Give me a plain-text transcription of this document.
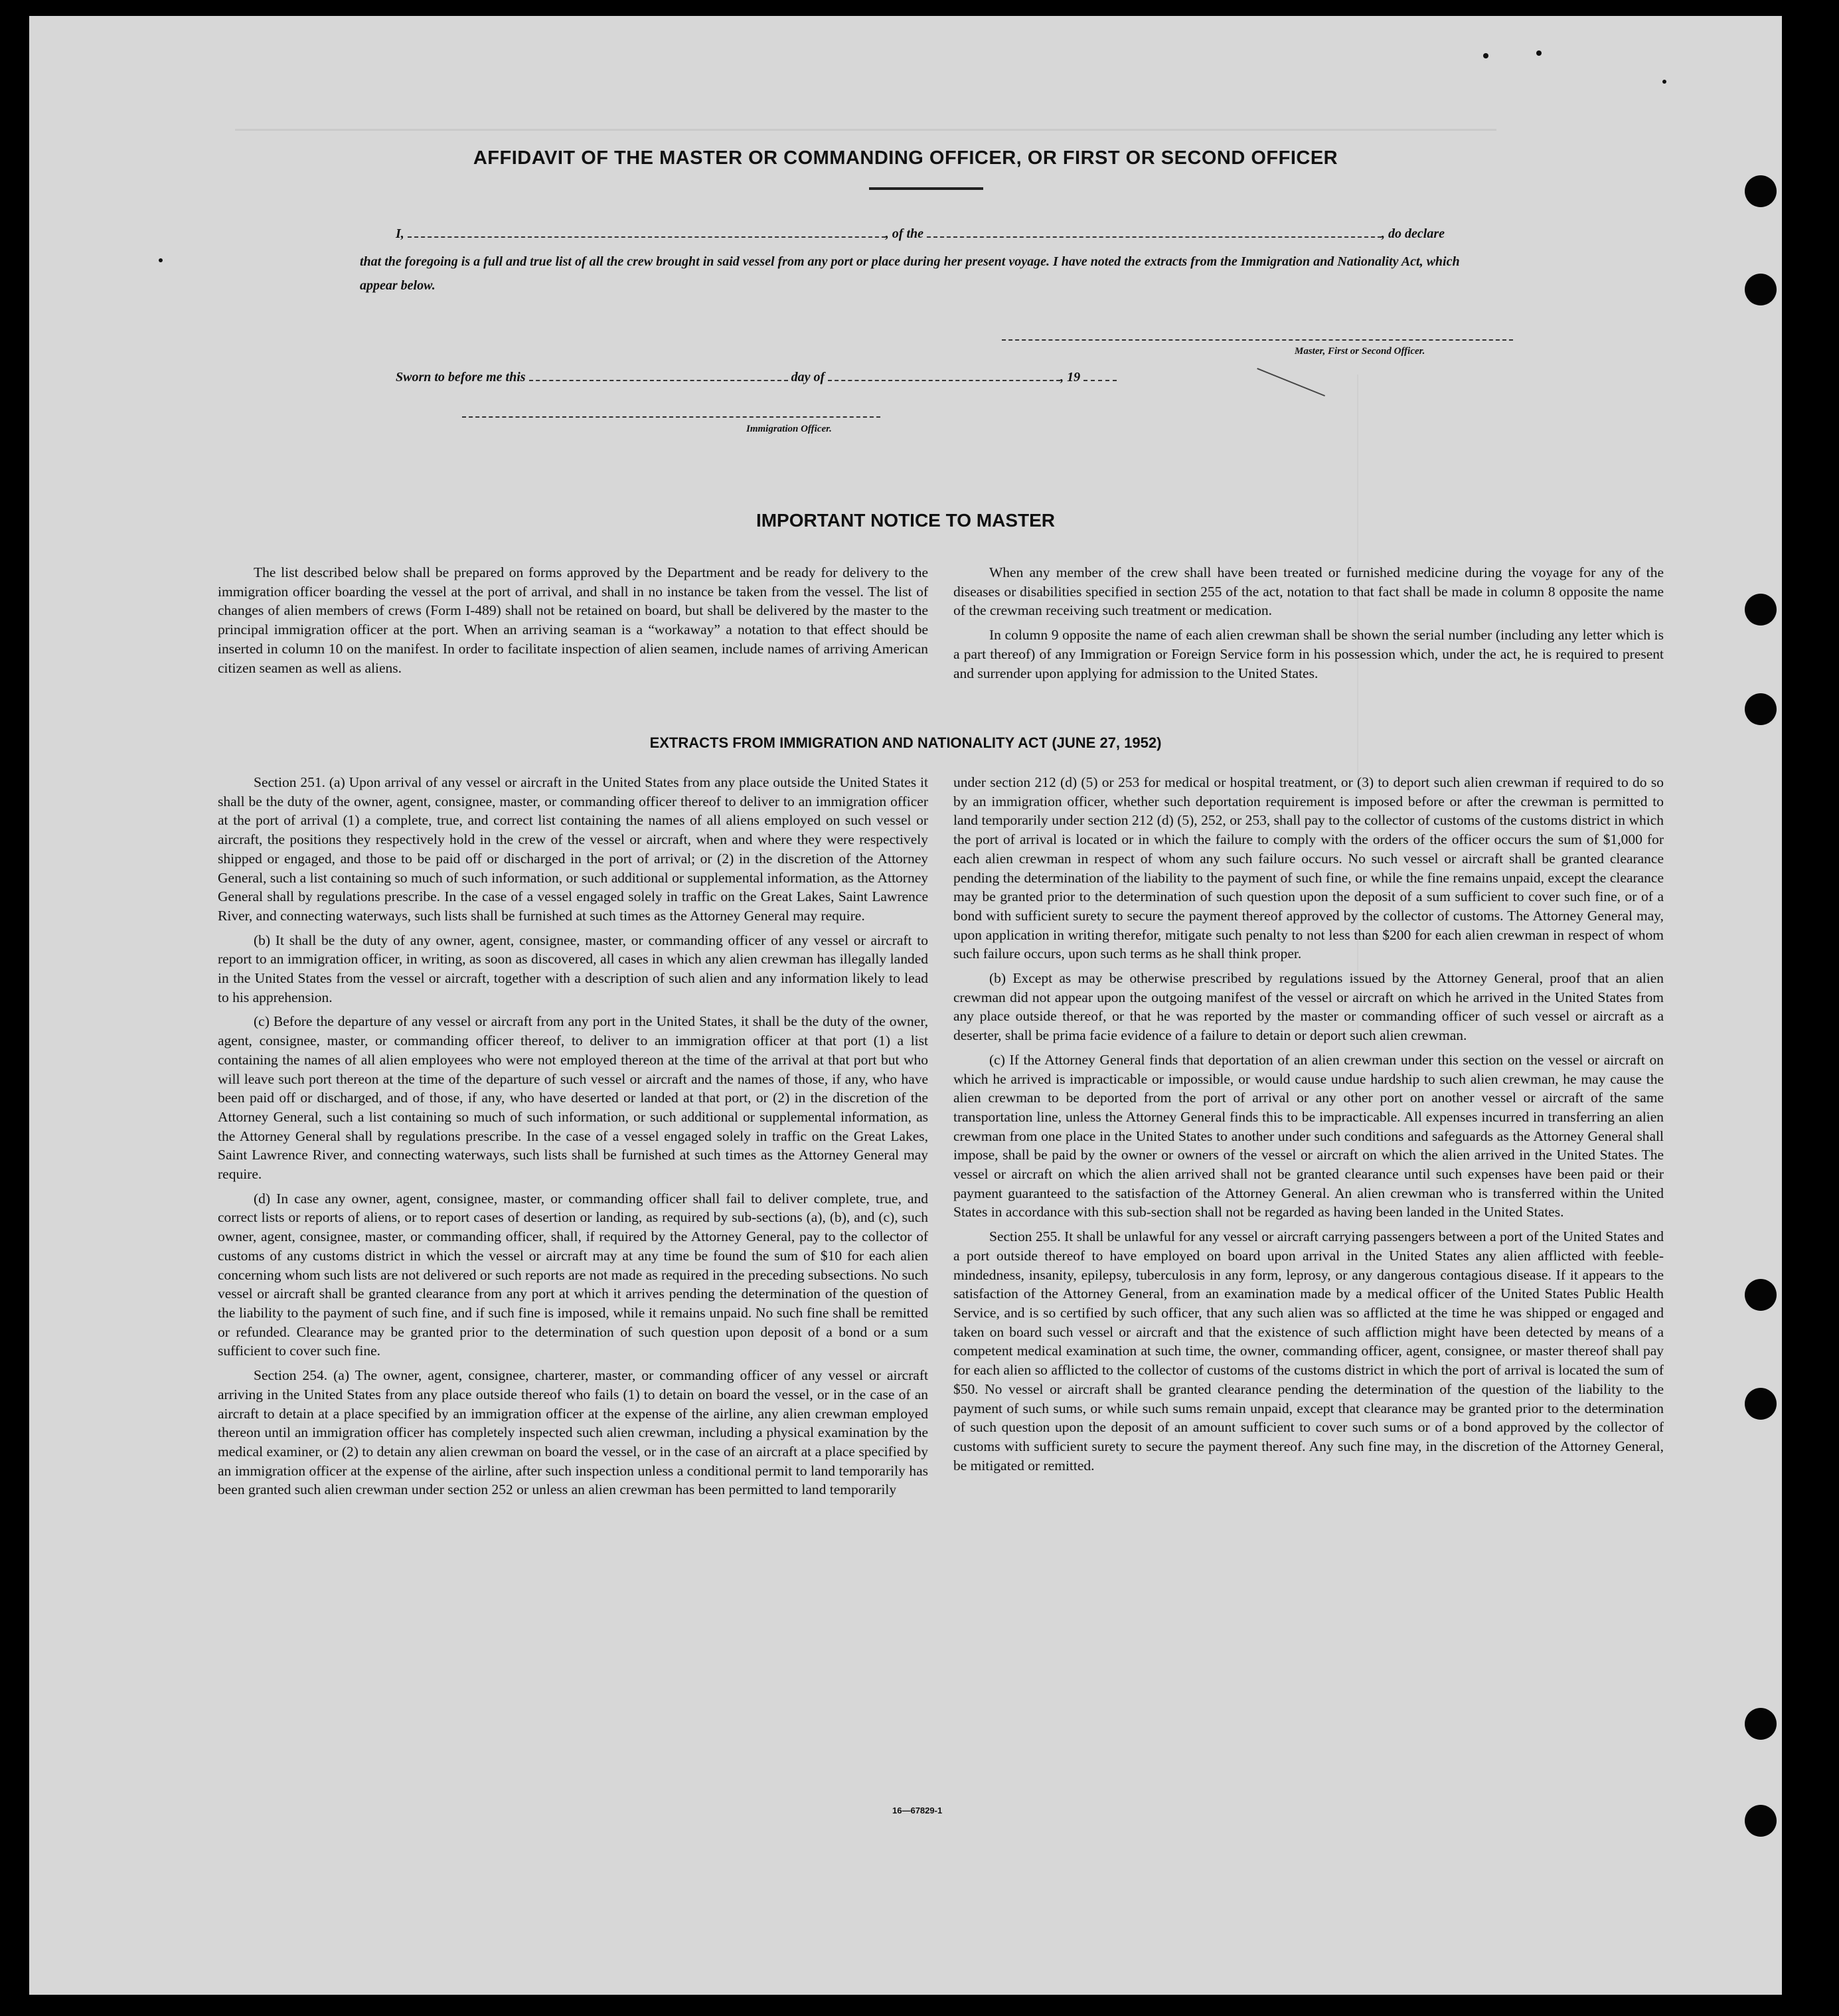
AFFIDAVIT OF THE MASTER OR COMMANDING OFFICER, OR FIRST OR SECOND OFFICER
I,	, of the	, do declare
that the foregoing is a full and true list of all the crew brought in said vessel from any port or place during her present voyage. I have noted the extracts from the Immigration and Nationality Act, which appear below.
Master, First or Second Officer.
Sworn to before me this	day of	, 19
Immigration Officer.
IMPORTANT NOTICE TO MASTER

The list described below shall be prepared on forms approved by the Department and be ready for delivery to the immigration officer boarding the vessel at the port of arrival, and shall in no instance be taken from the vessel. The list of changes of alien members of crews (Form I-489) shall not be retained on board, but shall be delivered by the master to the principal immigration officer at the port. When an arriving seaman is a “workaway” a notation to that effect should be inserted in column 10 on the manifest. In order to facilitate inspection of alien seamen, include names of arriving American citizen seamen as well as aliens.

When any member of the crew shall have been treated or furnished medicine during the voyage for any of the diseases or disabilities specified in section 255 of the act, notation to that fact shall be made in column 8 opposite the name of the crewman receiving such treatment or medication.

In column 9 opposite the name of each alien crewman shall be shown the serial number (including any letter which is a part thereof) of any Immigration or Foreign Service form in his possession which, under the act, he is required to present and surrender upon applying for admission to the United States.

EXTRACTS FROM IMMIGRATION AND NATIONALITY ACT (JUNE 27, 1952)

Section 251. (a) Upon arrival of any vessel or aircraft in the United States from any place outside the United States it shall be the duty of the owner, agent, consignee, master, or commanding officer thereof to deliver to an immigration officer at the port of arrival (1) a complete, true, and correct list containing the names of all aliens employed on such vessel or aircraft, the positions they respectively hold in the crew of the vessel or aircraft, when and where they were respectively shipped or engaged, and those to be paid off or discharged in the port of arrival; or (2) in the discretion of the Attorney General, such a list containing so much of such information, or such additional or supplemental information, as the Attorney General shall by regulations prescribe. In the case of a vessel engaged solely in traffic on the Great Lakes, Saint Lawrence River, and connecting waterways, such lists shall be furnished at such times as the Attorney General may require.

(b) It shall be the duty of any owner, agent, consignee, master, or commanding officer of any vessel or aircraft to report to an immigration officer, in writing, as soon as discovered, all cases in which any alien crewman has illegally landed in the United States from the vessel or aircraft, together with a description of such alien and any information likely to lead to his apprehension.

(c) Before the departure of any vessel or aircraft from any port in the United States, it shall be the duty of the owner, agent, consignee, master, or commanding officer thereof, to deliver to an immigration officer at that port (1) a list containing the names of all alien employees who were not employed thereon at the time of the arrival at that port but who will leave such port thereon at the time of the departure of such vessel or aircraft and the names of those, if any, who have been paid off or discharged, and of those, if any, who have deserted or landed at that port, or (2) in the discretion of the Attorney General, such a list containing so much of such information, or such additional or supplemental information, as the Attorney General shall by regulations prescribe. In the case of a vessel engaged solely in traffic on the Great Lakes, Saint Lawrence River, and connecting waterways, such lists shall be furnished at such times as the Attorney General may require.

(d) In case any owner, agent, consignee, master, or commanding officer shall fail to deliver complete, true, and correct lists or reports of aliens, or to report cases of desertion or landing, as required by sub-sections (a), (b), and (c), such owner, agent, consignee, master, or commanding officer, shall, if required by the Attorney General, pay to the collector of customs of any customs district in which the vessel or aircraft may at any time be found the sum of $10 for each alien concerning whom such lists are not delivered or such reports are not made as required in the preceding subsections. No such vessel or aircraft shall be granted clearance from any port at which it arrives pending the determination of the question of the liability to the payment of such fine, and if such fine is imposed, while it remains unpaid. No such fine shall be remitted or refunded. Clearance may be granted prior to the determination of such question upon deposit of a bond or a sum sufficient to cover such fine.

Section 254. (a) The owner, agent, consignee, charterer, master, or commanding officer of any vessel or aircraft arriving in the United States from any place outside thereof who fails (1) to detain on board the vessel, or in the case of an aircraft to detain at a place specified by an immigration officer at the expense of the airline, any alien crewman employed thereon until an immigration officer has completely inspected such alien crewman, including a physical examination by the medical examiner, or (2) to detain any alien crewman on board the vessel, or in the case of an aircraft at a place specified by an immigration officer at the expense of the airline, after such inspection unless a conditional permit to land temporarily has been granted such alien crewman under section 252 or unless an alien crewman has been permitted to land temporarily

under section 212 (d) (5) or 253 for medical or hospital treatment, or (3) to deport such alien crewman if required to do so by an immigration officer, whether such deportation requirement is imposed before or after the crewman is permitted to land temporarily under section 212 (d) (5), 252, or 253, shall pay to the collector of customs of the customs district in which the port of arrival is located or in which the failure to comply with the orders of the officer occurs the sum of $1,000 for each alien crewman in respect of whom any such failure occurs. No such vessel or aircraft shall be granted clearance pending the determination of the liability to the payment of such fine, or while the fine remains unpaid, except the clearance may be granted prior to the determination of such question upon the deposit of a sum sufficient to cover such fine, or of a bond with sufficient surety to secure the payment thereof approved by the collector of customs. The Attorney General may, upon application in writing therefor, mitigate such penalty to not less than $200 for each alien crewman in respect of whom such failure occurs, upon such terms as he shall think proper.

(b) Except as may be otherwise prescribed by regulations issued by the Attorney General, proof that an alien crewman did not appear upon the outgoing manifest of the vessel or aircraft on which he arrived in the United States from any place outside thereof, or that he was reported by the master or commanding officer of such vessel or aircraft as a deserter, shall be prima facie evidence of a failure to detain or deport such alien crewman.

(c) If the Attorney General finds that deportation of an alien crewman under this section on the vessel or aircraft on which he arrived is impracticable or impossible, or would cause undue hardship to such alien crewman, he may cause the alien crewman to be deported from the port of arrival or any other port on another vessel or aircraft of the same transportation line, unless the Attorney General finds this to be impracticable. All expenses incurred in transferring an alien crewman from one place in the United States to another under such conditions and safeguards as the Attorney General shall impose, shall be paid by the owner or owners of the vessel or aircraft on which the alien arrived in the United States. The vessel or aircraft on which the alien arrived shall not be granted clearance until such expenses have been paid or their payment guaranteed to the satisfaction of the Attorney General. An alien crewman who is transferred within the United States in accordance with this sub-section shall not be regarded as having been landed in the United States.

Section 255. It shall be unlawful for any vessel or aircraft carrying passengers between a port of the United States and a port outside thereof to have employed on board upon arrival in the United States any alien afflicted with feeble-mindedness, insanity, epilepsy, tuberculosis in any form, leprosy, or any dangerous contagious disease. If it appears to the satisfaction of the Attorney General, from an examination made by a medical officer of the United States Public Health Service, and is so certified by such officer, that any such alien was so afflicted at the time he was shipped or engaged and taken on board such vessel or aircraft and that the existence of such affliction might have been detected by means of a competent medical examination at such time, the owner, commanding officer, agent, consignee, or master thereof shall pay for each alien so afflicted to the collector of customs of the customs district in which the port of arrival is located the sum of $50. No vessel or aircraft shall be granted clearance pending the determination of the question of the liability to the payment of such sums, or while such sums remain unpaid, except that clearance may be granted prior to the determination of such question upon the deposit of an amount sufficient to cover such sums or of a bond approved by the collector of customs with sufficient surety to secure the payment thereof. Any such fine may, in the discretion of the Attorney General, be mitigated or remitted.

16—67829-1
